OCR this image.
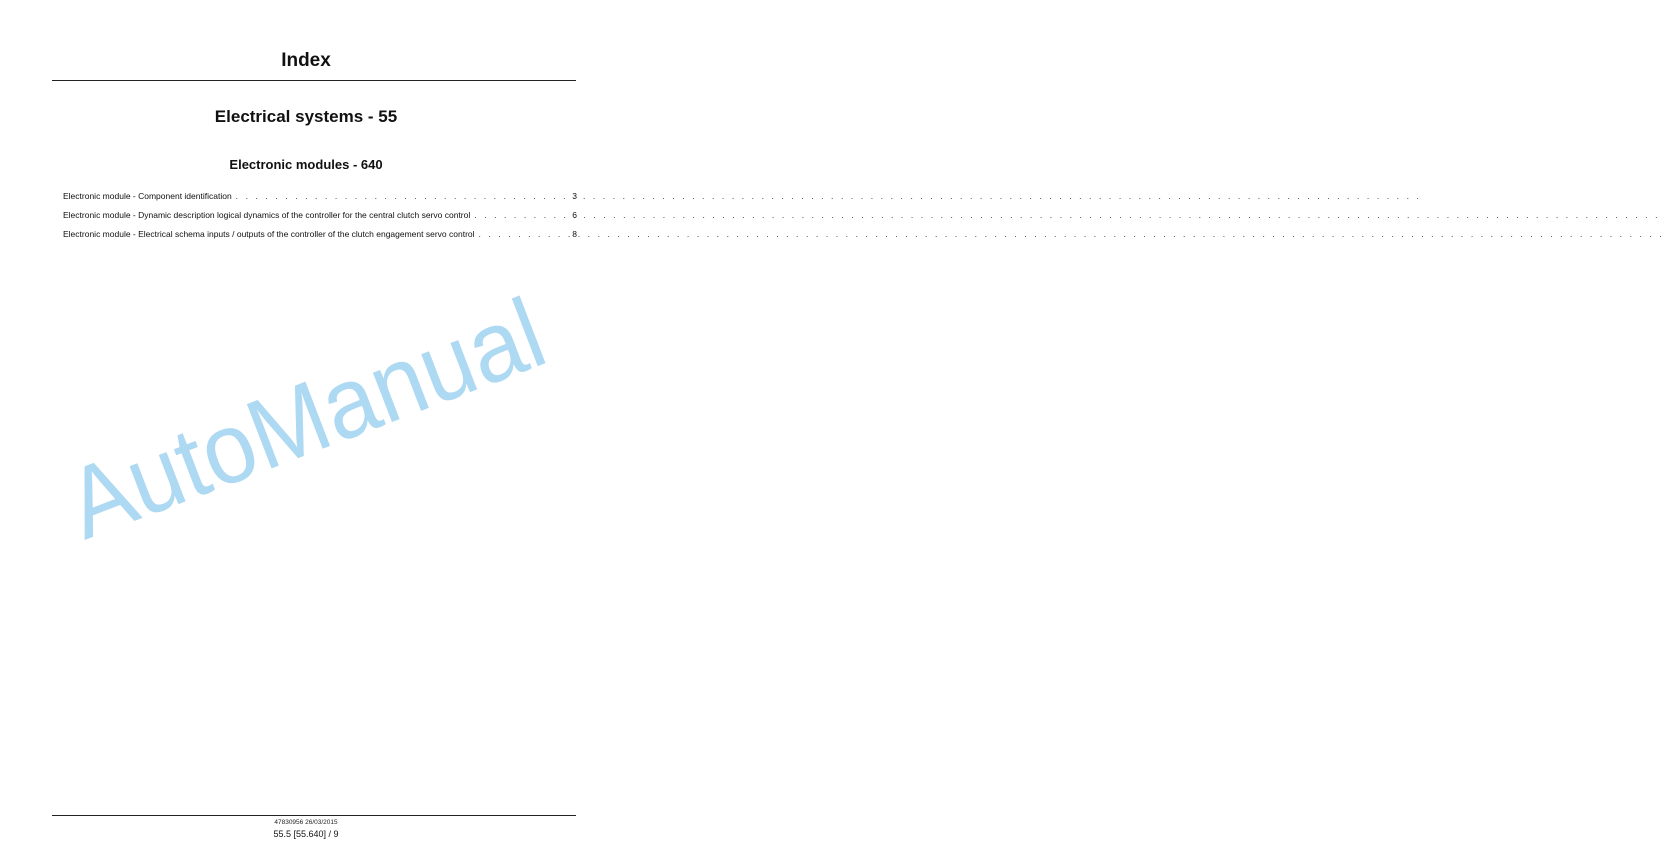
Index
Electrical systems - 55
Electronic modules - 640
Electronic module - Component identification . . .	3
Electronic module - Dynamic description logical dynamics of the controller for the central clutch servo control . . .	6
Electronic module - Electrical schema inputs / outputs of the controller of the clutch engagement servo control . . .	8
AutoManual
47830956 26/03/2015
55.5 [55.640] / 9
